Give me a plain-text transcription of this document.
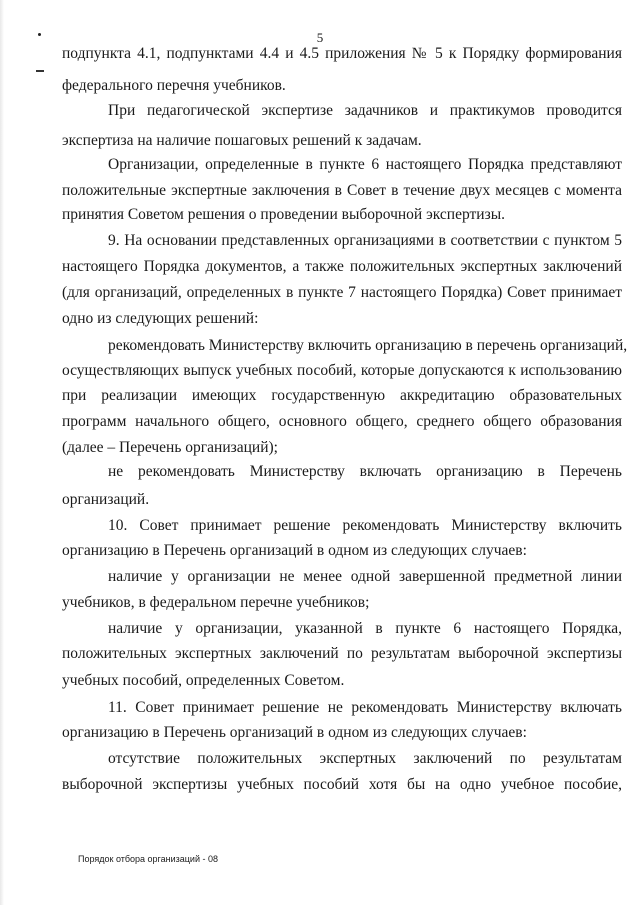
5
подпункта 4.1, подпунктами 4.4 и 4.5 приложения № 5 к Порядку формирования
федерального перечня учебников.
При педагогической экспертизе задачников и практикумов проводится
экспертиза на наличие пошаговых решений к задачам.
Организации, определенные в пункте 6 настоящего Порядка представляют
положительные экспертные заключения в Совет в течение двух месяцев с момента
принятия Советом решения о проведении выборочной экспертизы.
9. На основании представленных организациями в соответствии с пунктом 5
настоящего Порядка документов, а также положительных экспертных заключений
(для организаций, определенных в пункте 7 настоящего Порядка) Совет принимает
одно из следующих решений:
рекомендовать Министерству включить организацию в перечень организаций,
осуществляющих выпуск учебных пособий, которые допускаются к использованию
при реализации имеющих государственную аккредитацию образовательных
программ начального общего, основного общего, среднего общего образования
(далее – Перечень организаций);
не рекомендовать Министерству включать организацию в Перечень
организаций.
10. Совет принимает решение рекомендовать Министерству включить
организацию в Перечень организаций в одном из следующих случаев:
наличие у организации не менее одной завершенной предметной линии
учебников, в федеральном перечне учебников;
наличие у организации, указанной в пункте 6 настоящего Порядка,
положительных экспертных заключений по результатам выборочной экспертизы
учебных пособий, определенных Советом.
11. Совет принимает решение не рекомендовать Министерству включать
организацию в Перечень организаций в одном из следующих случаев:
отсутствие положительных экспертных заключений по результатам
выборочной экспертизы учебных пособий хотя бы на одно учебное пособие,
Порядок отбора организаций - 08
